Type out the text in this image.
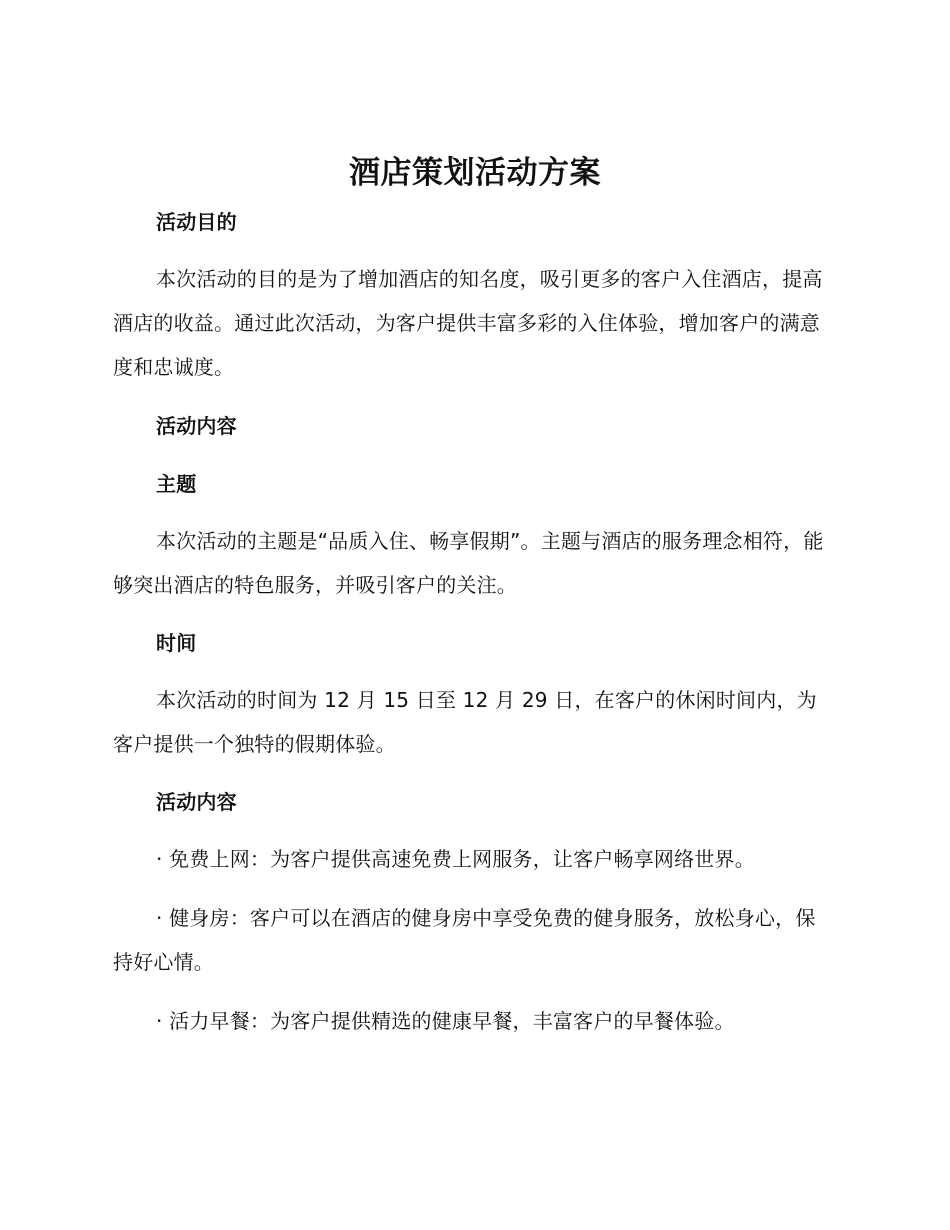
酒店策划活动方案
活动目的

本次活动的目的是为了增加酒店的知名度，吸引更多的客户入住酒店，提高酒店的收益。通过此次活动，为客户提供丰富多彩的入住体验，增加客户的满意度和忠诚度。

活动内容
主题

本次活动的主题是“品质入住、畅享假期”。主题与酒店的服务理念相符，能够突出酒店的特色服务，并吸引客户的关注。

时间

本次活动的时间为 12 月 15 日至 12 月 29 日，在客户的休闲时间内，为客户提供一个独特的假期体验。

活动内容

· 免费上网：为客户提供高速免费上网服务，让客户畅享网络世界。

· 健身房：客户可以在酒店的健身房中享受免费的健身服务，放松身心，保持好心情。

· 活力早餐：为客户提供精选的健康早餐，丰富客户的早餐体验。
